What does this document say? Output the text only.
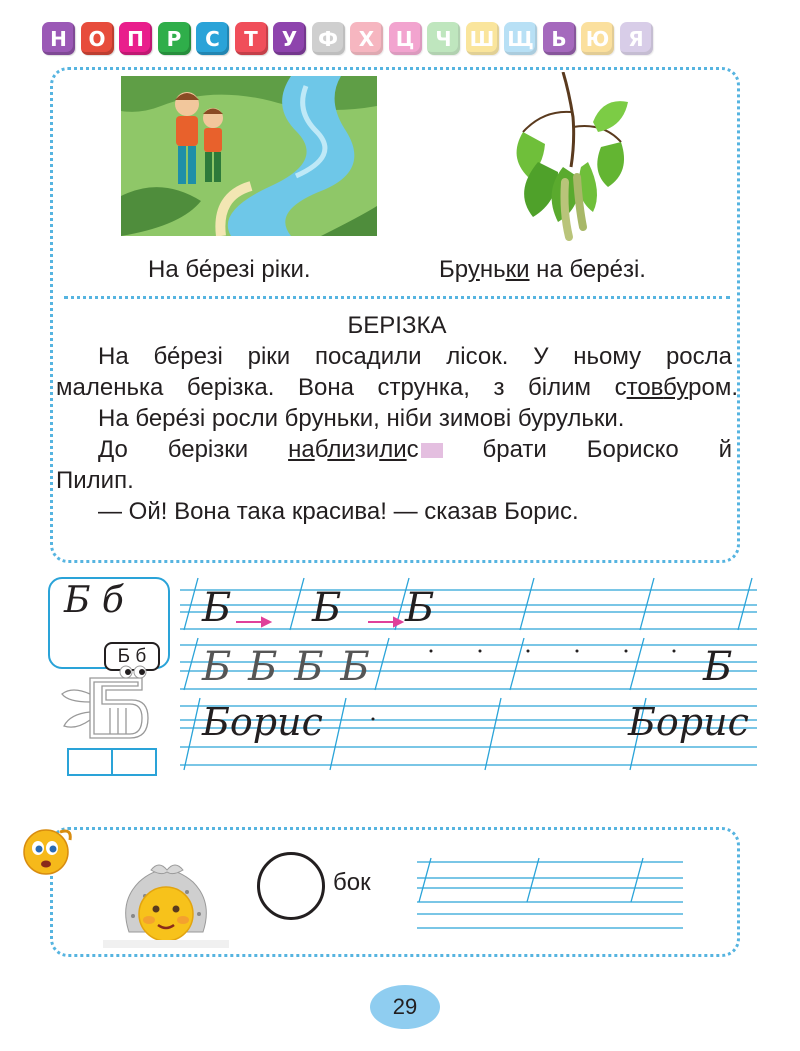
Н	О	П	Р	С	Т	У	Ф	Х	Ц	Ч Ш Щ Ь Ю Я
На бе́резі ріки.	Бруньки на бере́зі.
БЕРІЗКА
На бе́резі ріки посадили лісок. У ньому росла
маленька берізка. Вона струнка, з білим стовбуром.
На бере́зі росли бруньки, ніби зимові бурульки.
До берізки наблизилис брати Бориско й
Пилип.
— Ой! Вона така красива! — сказав Борис.
Б б
Б б
Б Б Б
Б Б Б Б	Б
Борис	Борис
бок
29
